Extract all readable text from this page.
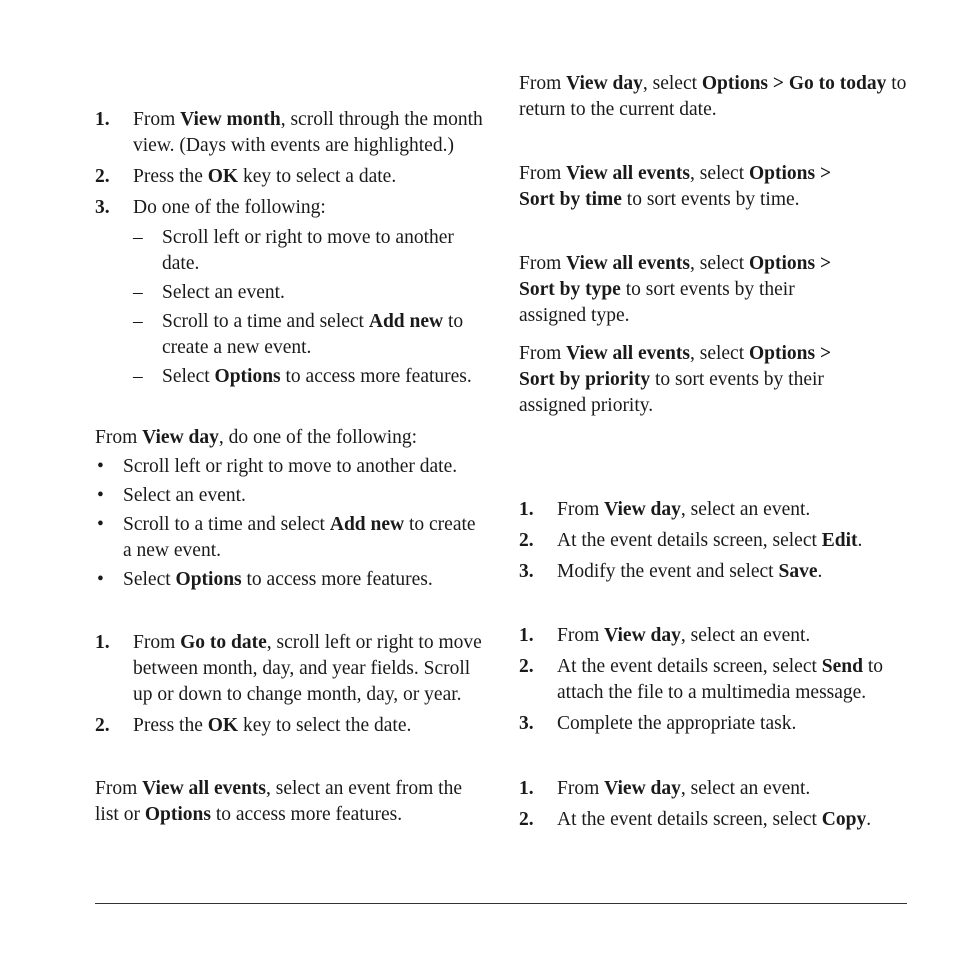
1. From View month, scroll through the month view. (Days with events are highlighted.)
2. Press the OK key to select a date.
3. Do one of the following:
– Scroll left or right to move to another date.
– Select an event.
– Scroll to a time and select Add new to create a new event.
– Select Options to access more features.
From View day, do one of the following:
• Scroll left or right to move to another date.
• Select an event.
• Scroll to a time and select Add new to create a new event.
• Select Options to access more features.
1. From Go to date, scroll left or right to move between month, day, and year fields. Scroll up or down to change month, day, or year.
2. Press the OK key to select the date.
From View all events, select an event from the list or Options to access more features.
From View day, select Options > Go to today to return to the current date.
From View all events, select Options > Sort by time to sort events by time.
From View all events, select Options > Sort by type to sort events by their assigned type.
From View all events, select Options > Sort by priority to sort events by their assigned priority.
1. From View day, select an event.
2. At the event details screen, select Edit.
3. Modify the event and select Save.
1. From View day, select an event.
2. At the event details screen, select Send to attach the file to a multimedia message.
3. Complete the appropriate task.
1. From View day, select an event.
2. At the event details screen, select Copy.
